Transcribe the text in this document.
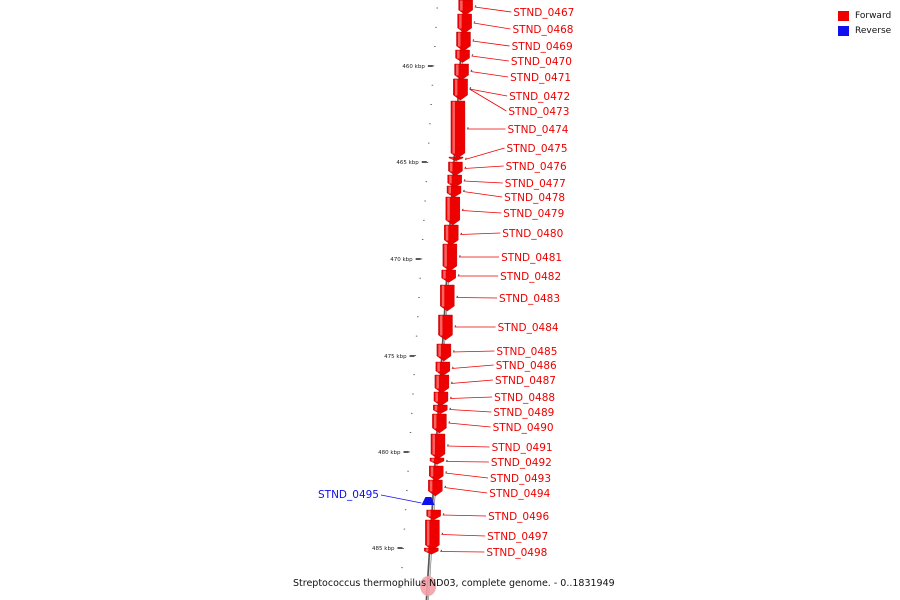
460 kbp
465 kbp
470 kbp
475 kbp
480 kbp
485 kbp
STND_0467
STND_0468
STND_0469
STND_0470
STND_0471
STND_0472
STND_0473
STND_0474
STND_0475
STND_0476
STND_0477
STND_0478
STND_0479
STND_0480
STND_0481
STND_0482
STND_0483
STND_0484
STND_0485
STND_0486
STND_0487
STND_0488
STND_0489
STND_0490
STND_0491
STND_0492
STND_0493
STND_0494
STND_0495
STND_0496
STND_0497
STND_0498
Forward
Reverse
Streptococcus thermophilus ND03, complete genome. - 0..1831949
